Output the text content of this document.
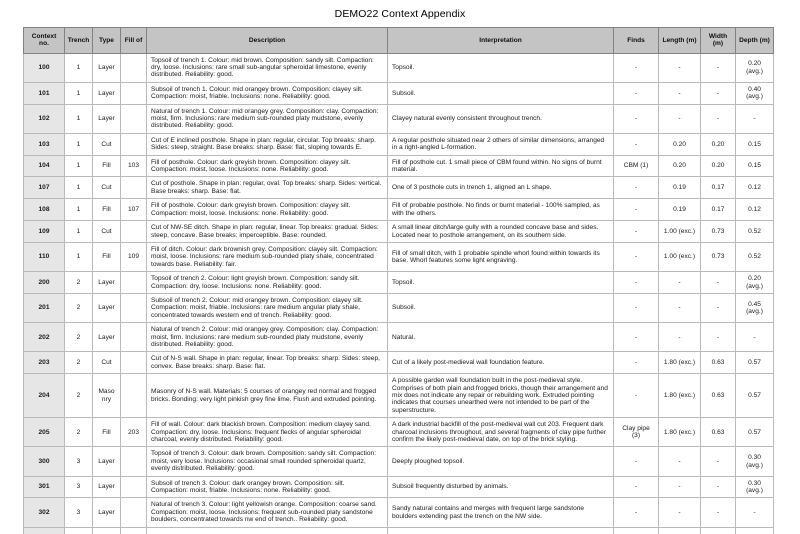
DEMO22 Context Appendix
Context no.	Trench	Type	Fill of	Description	Interpretation	Finds	Length (m)	Width (m)	Depth (m)
100	1	Layer		Topsoil of trench 1. Colour: mid brown. Composition: sandy silt. Compaction: dry, loose. Inclusions: rare small sub-angular spheroidal limestone, evenly distributed. Reliability: good.	Topsoil.	-	-	-	0.20 (avg.)
101	1	Layer		Subsoil of trench 1. Colour: mid orangey brown. Composition: clayey silt. Compaction: moist, friable. Inclusions: none. Reliability: good.	Subsoil.	-	-	-	0.40 (avg.)
102	1	Layer		Natural of trench 1. Colour: mid orangey grey. Composition: clay. Compaction: moist, firm. Inclusions: rare medium sub-rounded platy mudstone, evenly distributed. Reliability: good.	Clayey natural evenly consistent throughout trench.	-	-	-	-
103	1	Cut		Cut of E inclined posthole. Shape in plan: regular, circular. Top breaks: sharp. Sides: steep, straight. Base breaks: sharp. Base: flat, sloping towards E.	A regular posthole situated near 2 others of similar dimensions, arranged in a right-angled L-formation.	-	0.20	0.20	0.15
104	1	Fill	103	Fill of posthole. Colour: dark greyish brown. Composition: clayey silt. Compaction: moist, loose. Inclusions: none. Reliability: good.	Fill of posthole cut. 1 small piece of CBM found within. No signs of burnt material.	CBM (1)	0.20	0.20	0.15
107	1	Cut		Cut of posthole. Shape in plan: regular, oval. Top breaks: sharp. Sides: vertical. Base breaks: sharp. Base: flat.	One of 3 posthole cuts in trench 1, aligned an L shape.	-	0.19	0.17	0.12
108	1	Fill	107	Fill of posthole. Colour: dark greyish brown. Composition: clayey silt. Compaction: moist, loose. Inclusions: none. Reliability: good.	Fill of probable posthole. No finds or burnt material - 100% sampled, as with the others.	-	0.19	0.17	0.12
109	1	Cut		Cut of NW-SE ditch. Shape in plan: regular, linear. Top breaks: gradual. Sides: steep, concave. Base breaks: imperceptible. Base: rounded.	A small linear ditch/large gully with a rounded concave base and sides. Located near to posthole arrangement, on its southern side.	-	1.00 (exc.)	0.73	0.52
110	1	Fill	109	Fill of ditch. Colour: dark brownish grey. Composition: clayey silt. Compaction: moist, loose. Inclusions: rare medium sub-rounded platy shale, concentrated towards base. Reliability: fair.	Fill of small ditch, with 1 probable spindle whorl found within towards its base. Whorl features some light engraving.	-	1.00 (exc.)	0.73	0.52
200	2	Layer		Topsoil of trench 2. Colour: light greyish brown. Composition: sandy silt. Compaction: dry, loose. Inclusions: none. Reliability: good.	Topsoil.	-	-	-	0.20 (avg.)
201	2	Layer		Subsoil of trench 2. Colour: mid orangey brown. Composition: clayey silt. Compaction: moist, friable. Inclusions: rare medium angular platy shale, concentrated towards western end of trench. Reliability: good.	Subsoil.	-	-	-	0.45 (avg.)
202	2	Layer		Natural of trench 2. Colour: mid orangey grey. Composition: clay. Compaction: moist, firm. Inclusions: rare medium sub-rounded platy mudstone, evenly distributed. Reliability: good.	Natural.	-	-	-	-
203	2	Cut		Cut of N-S wall. Shape in plan: regular, linear. Top breaks: sharp. Sides: steep, convex. Base breaks: sharp. Base: flat.	Cut of a likely post-medieval wall foundation feature.	-	1.80 (exc.)	0.63	0.57
204	2	Masonry		Masonry of N-S wall. Materials: 5 courses of orangey red normal and frogged bricks. Bonding: very light pinkish grey fine lime. Flush and extruded pointing.	A possible garden wall foundation built in the post-medieval style. Comprises of both plain and frogged bricks, though their arrangement and mix does not indicate any repair or rebuilding work. Extruded pointing indicates that courses unearthed were not intended to be part of the superstructure.	-	1.80 (exc.)	0.63	0.57
205	2	Fill	203	Fill of wall. Colour: dark blackish brown. Composition: medium clayey sand. Compaction: dry, loose. Inclusions: frequent flecks of angular spheroidal charcoal, evenly distributed. Reliability: good.	A dark industrial backfill of the post-medieval wall cut 203. Frequent dark charcoal inclusions throughout, and several fragments of clay pipe further confirm the likely post-medieval date, on top of the brick styling.	Clay pipe (3)	1.80 (exc.)	0.63	0.57
300	3	Layer		Topsoil of trench 3. Colour: dark brown. Composition: sandy silt. Compaction: moist, very loose. Inclusions: occasional small rounded spheroidal quartz, evenly distributed. Reliability: good.	Deeply ploughed topsoil.	-	-	-	0.30 (avg.)
301	3	Layer		Subsoil of trench 3. Colour: dark orangey brown. Composition: silt. Compaction: moist, friable. Inclusions: none. Reliability: good.	Subsoil frequently disturbed by animals.	-	-	-	0.30 (avg.)
302	3	Layer		Natural of trench 3. Colour: light yellowish orange. Composition: coarse sand. Compaction: moist, loose. Inclusions: frequent sub-rounded platy sandstone boulders, concentrated towards nw end of trench.. Reliability: good.	Sandy natural contains and merges with frequent large sandstone boulders extending past the trench on the NW side.	-	-	-	-
